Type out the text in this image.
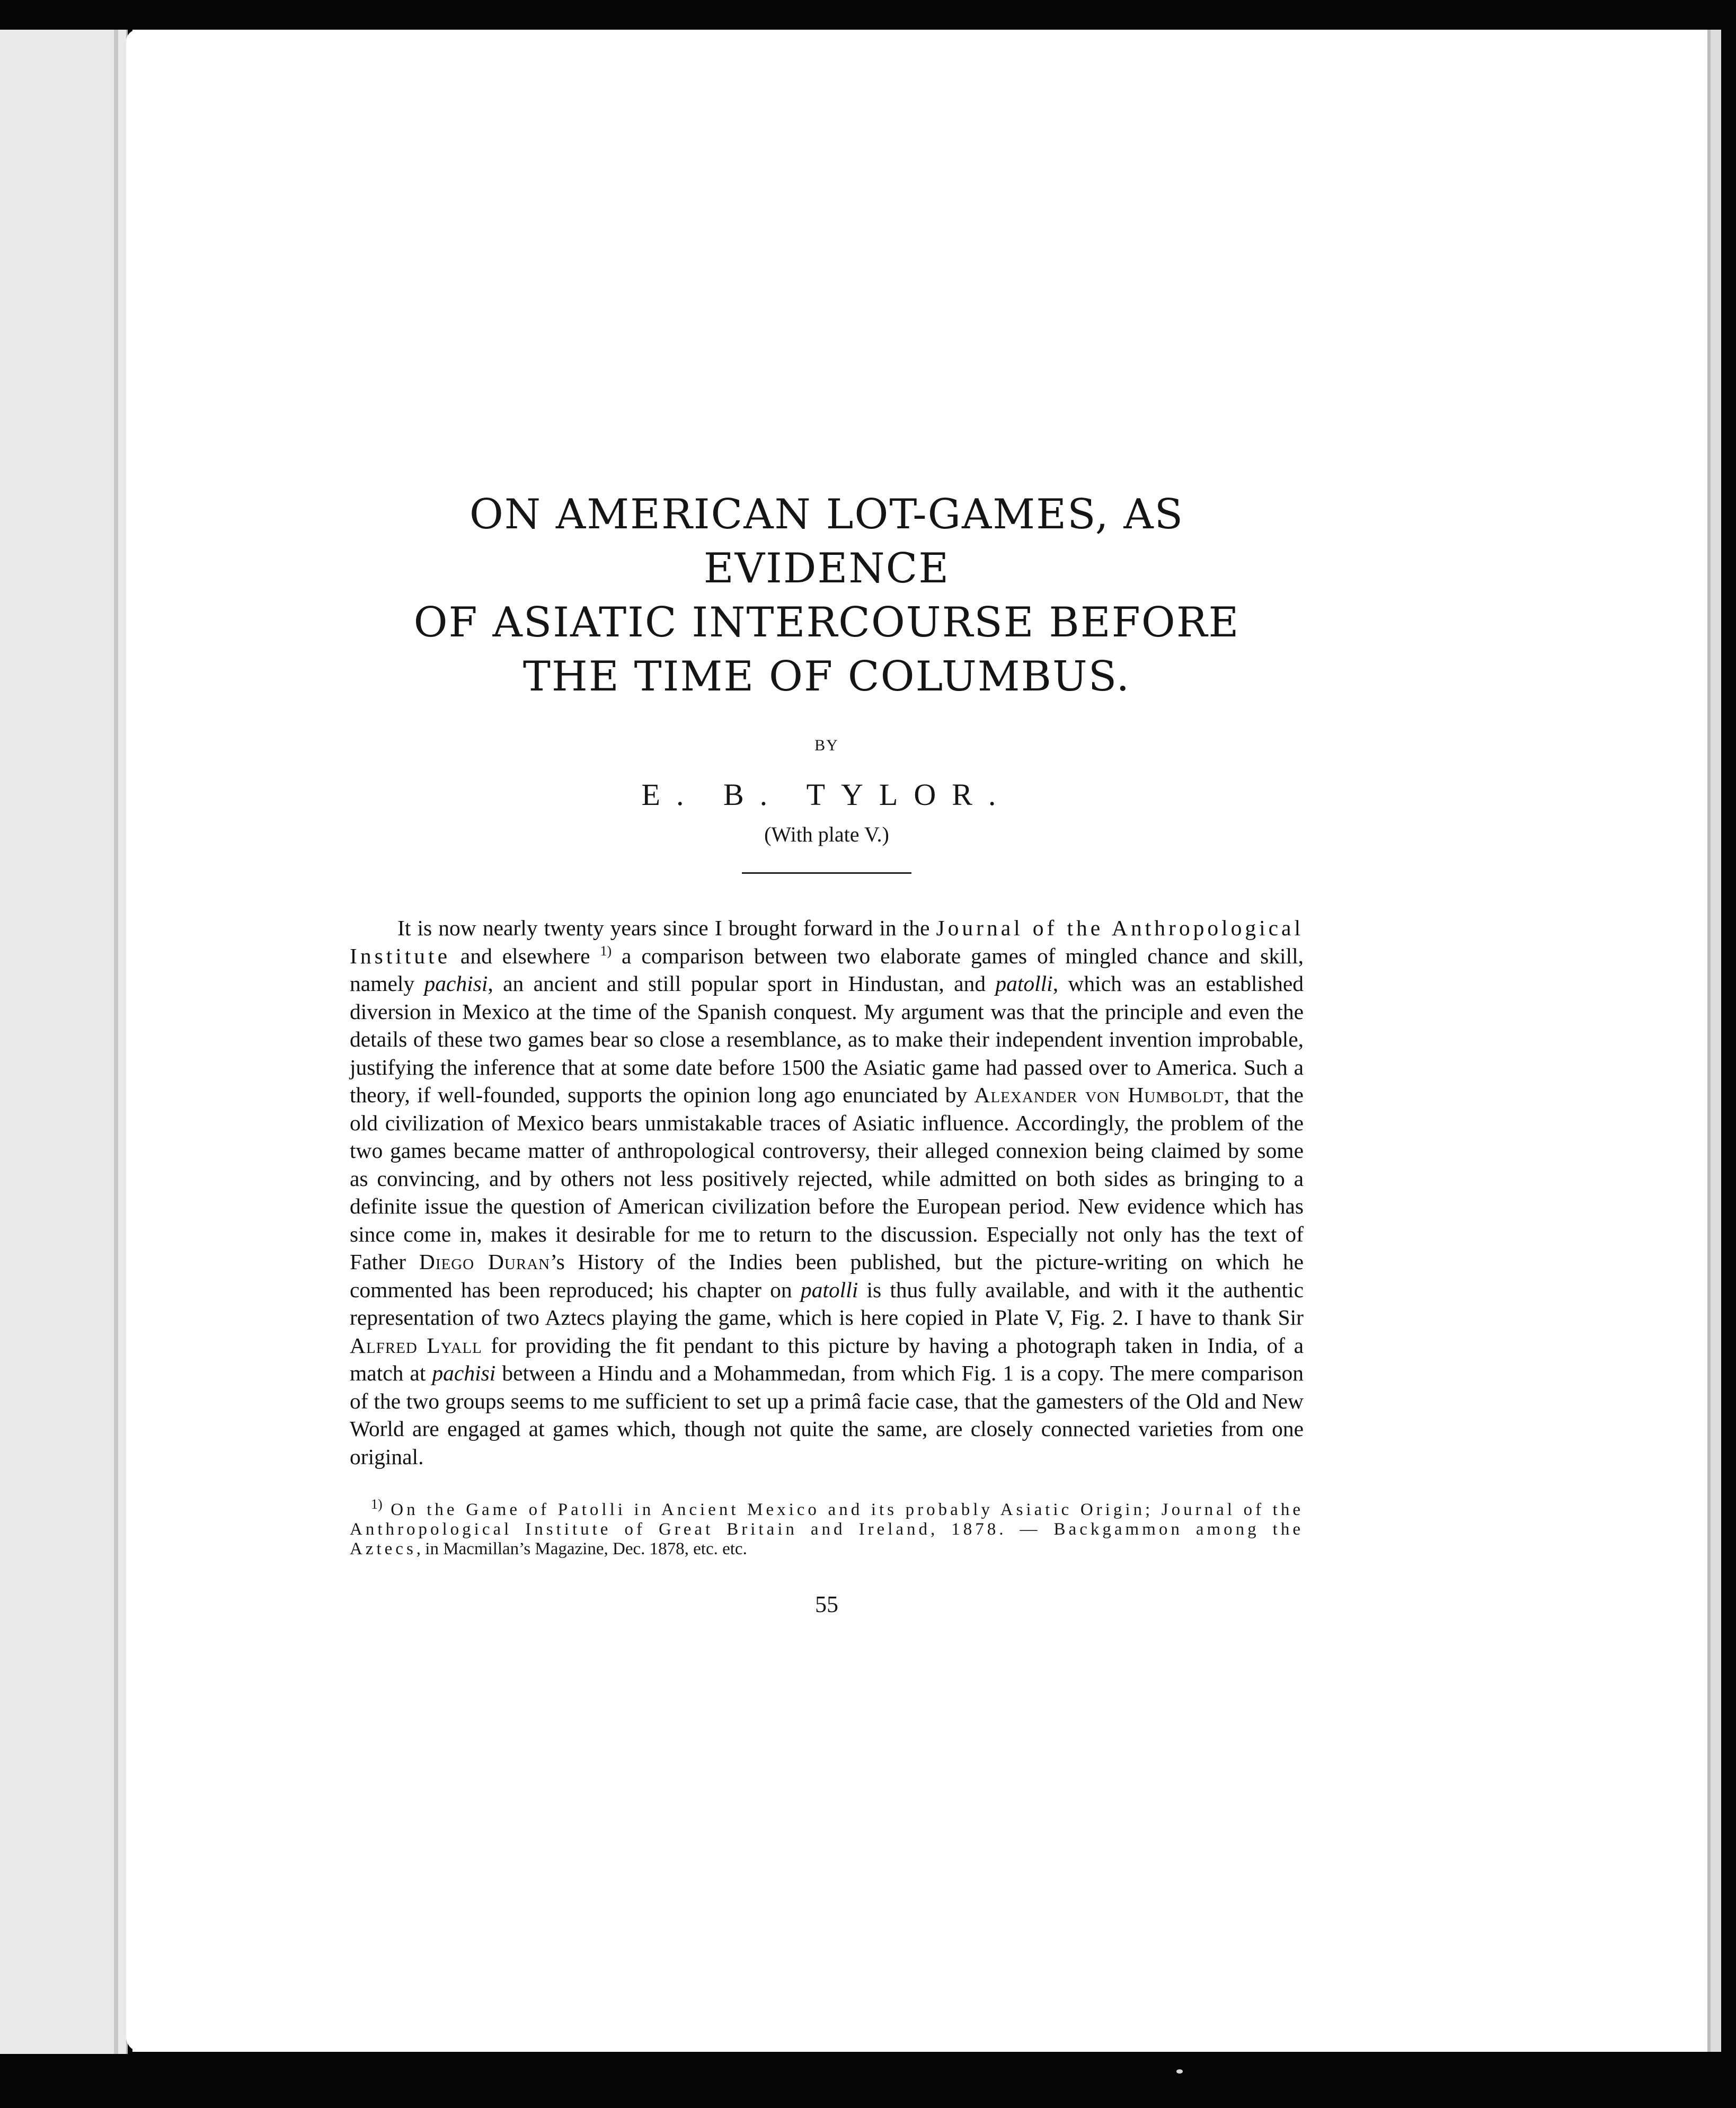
ON AMERICAN LOT-GAMES, AS EVIDENCE
OF ASIATIC INTERCOURSE BEFORE
THE TIME OF COLUMBUS.
BY
E. B. TYLOR.
(With plate V.)

It is now nearly twenty years since I brought forward in the Journal of the Anthropological Institute and elsewhere $^{1)}$ a comparison between two elaborate games of mingled chance and skill, namely pachisi, an ancient and still popular sport in Hindustan, and patolli, which was an established diversion in Mexico at the time of the Spanish conquest. My argument was that the principle and even the details of these two games bear so close a resemblance, as to make their independent invention improbable, justifying the inference that at some date before 1500 the Asiatic game had passed over to America. Such a theory, if well-founded, supports the opinion long ago enunciated by Alexander von Humboldt, that the old civilization of Mexico bears unmistakable traces of Asiatic influence. Accordingly, the problem of the two games became matter of anthropological controversy, their alleged connexion being claimed by some as convincing, and by others not less positively rejected, while admitted on both sides as bringing to a definite issue the question of American civilization before the European period. New evidence which has since come in, makes it desirable for me to return to the discussion. Especially not only has the text of Father Diego Duran’s History of the Indies been published, but the picture-writing on which he commented has been reproduced; his chapter on patolli is thus fully available, and with it the authentic representation of two Aztecs playing the game, which is here copied in Plate V, Fig. 2. I have to thank Sir Alfred Lyall for providing the fit pendant to this picture by having a photograph taken in India, of a match at pachisi between a Hindu and a Mohammedan, from which Fig. 1 is a copy. The mere comparison of the two groups seems to me sufficient to set up a primâ facie case, that the gamesters of the Old and New World are engaged at games which, though not quite the same, are closely connected varieties from one original.

$^{1)}$ On the Game of Patolli in Ancient Mexico and its probably Asiatic Origin; Journal of the Anthropological Institute of Great Britain and Ireland, 1878. — Backgammon among the Aztecs, in Macmillan’s Magazine, Dec. 1878, etc. etc.

55
